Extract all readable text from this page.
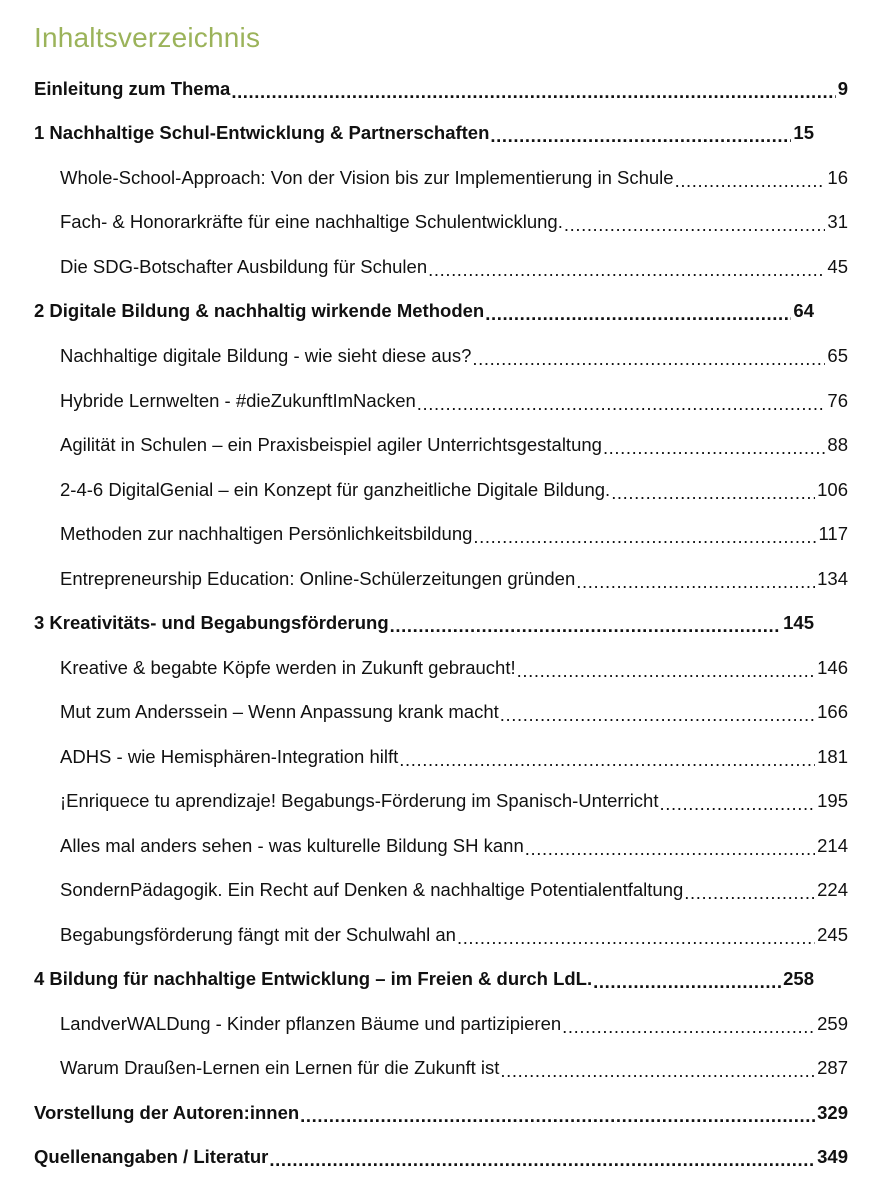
Inhaltsverzeichnis
Einleitung zum Thema .....	9
1 Nachhaltige Schul-Entwicklung & Partnerschaften .....	15
Whole-School-Approach: Von der Vision bis zur Implementierung in Schule .....	16
Fach- & Honorarkräfte für eine nachhaltige Schulentwicklung. .....	31
Die SDG-Botschafter Ausbildung für Schulen .....	45
2 Digitale Bildung & nachhaltig wirkende Methoden .....	64
Nachhaltige digitale Bildung - wie sieht diese aus? .....	65
Hybride Lernwelten - #dieZukunftImNacken .....	76
Agilität in Schulen – ein Praxisbeispiel agiler Unterrichtsgestaltung .....	88
2-4-6 DigitalGenial – ein Konzept für ganzheitliche Digitale Bildung. .....	106
Methoden zur nachhaltigen Persönlichkeitsbildung .....	117
Entrepreneurship Education: Online-Schülerzeitungen gründen .....	134
3 Kreativitäts- und Begabungsförderung .....	145
Kreative & begabte Köpfe werden in Zukunft gebraucht! .....	146
Mut zum Anderssein – Wenn Anpassung krank macht .....	166
ADHS - wie Hemisphären-Integration hilft .....	181
¡Enriquece tu aprendizaje! Begabungs-Förderung im Spanisch-Unterricht .....	195
Alles mal anders sehen - was kulturelle Bildung SH kann .....	214
SondernPädagogik. Ein Recht auf Denken & nachhaltige Potentialentfaltung .....	224
Begabungsförderung fängt mit der Schulwahl an .....	245
4 Bildung für nachhaltige Entwicklung – im Freien & durch LdL. .....	258
LandverWALDung - Kinder pflanzen Bäume und partizipieren .....	259
Warum Draußen-Lernen ein Lernen für die Zukunft ist .....	287
Vorstellung der Autoren:innen .....	329
Quellenangaben / Literatur .....	349
